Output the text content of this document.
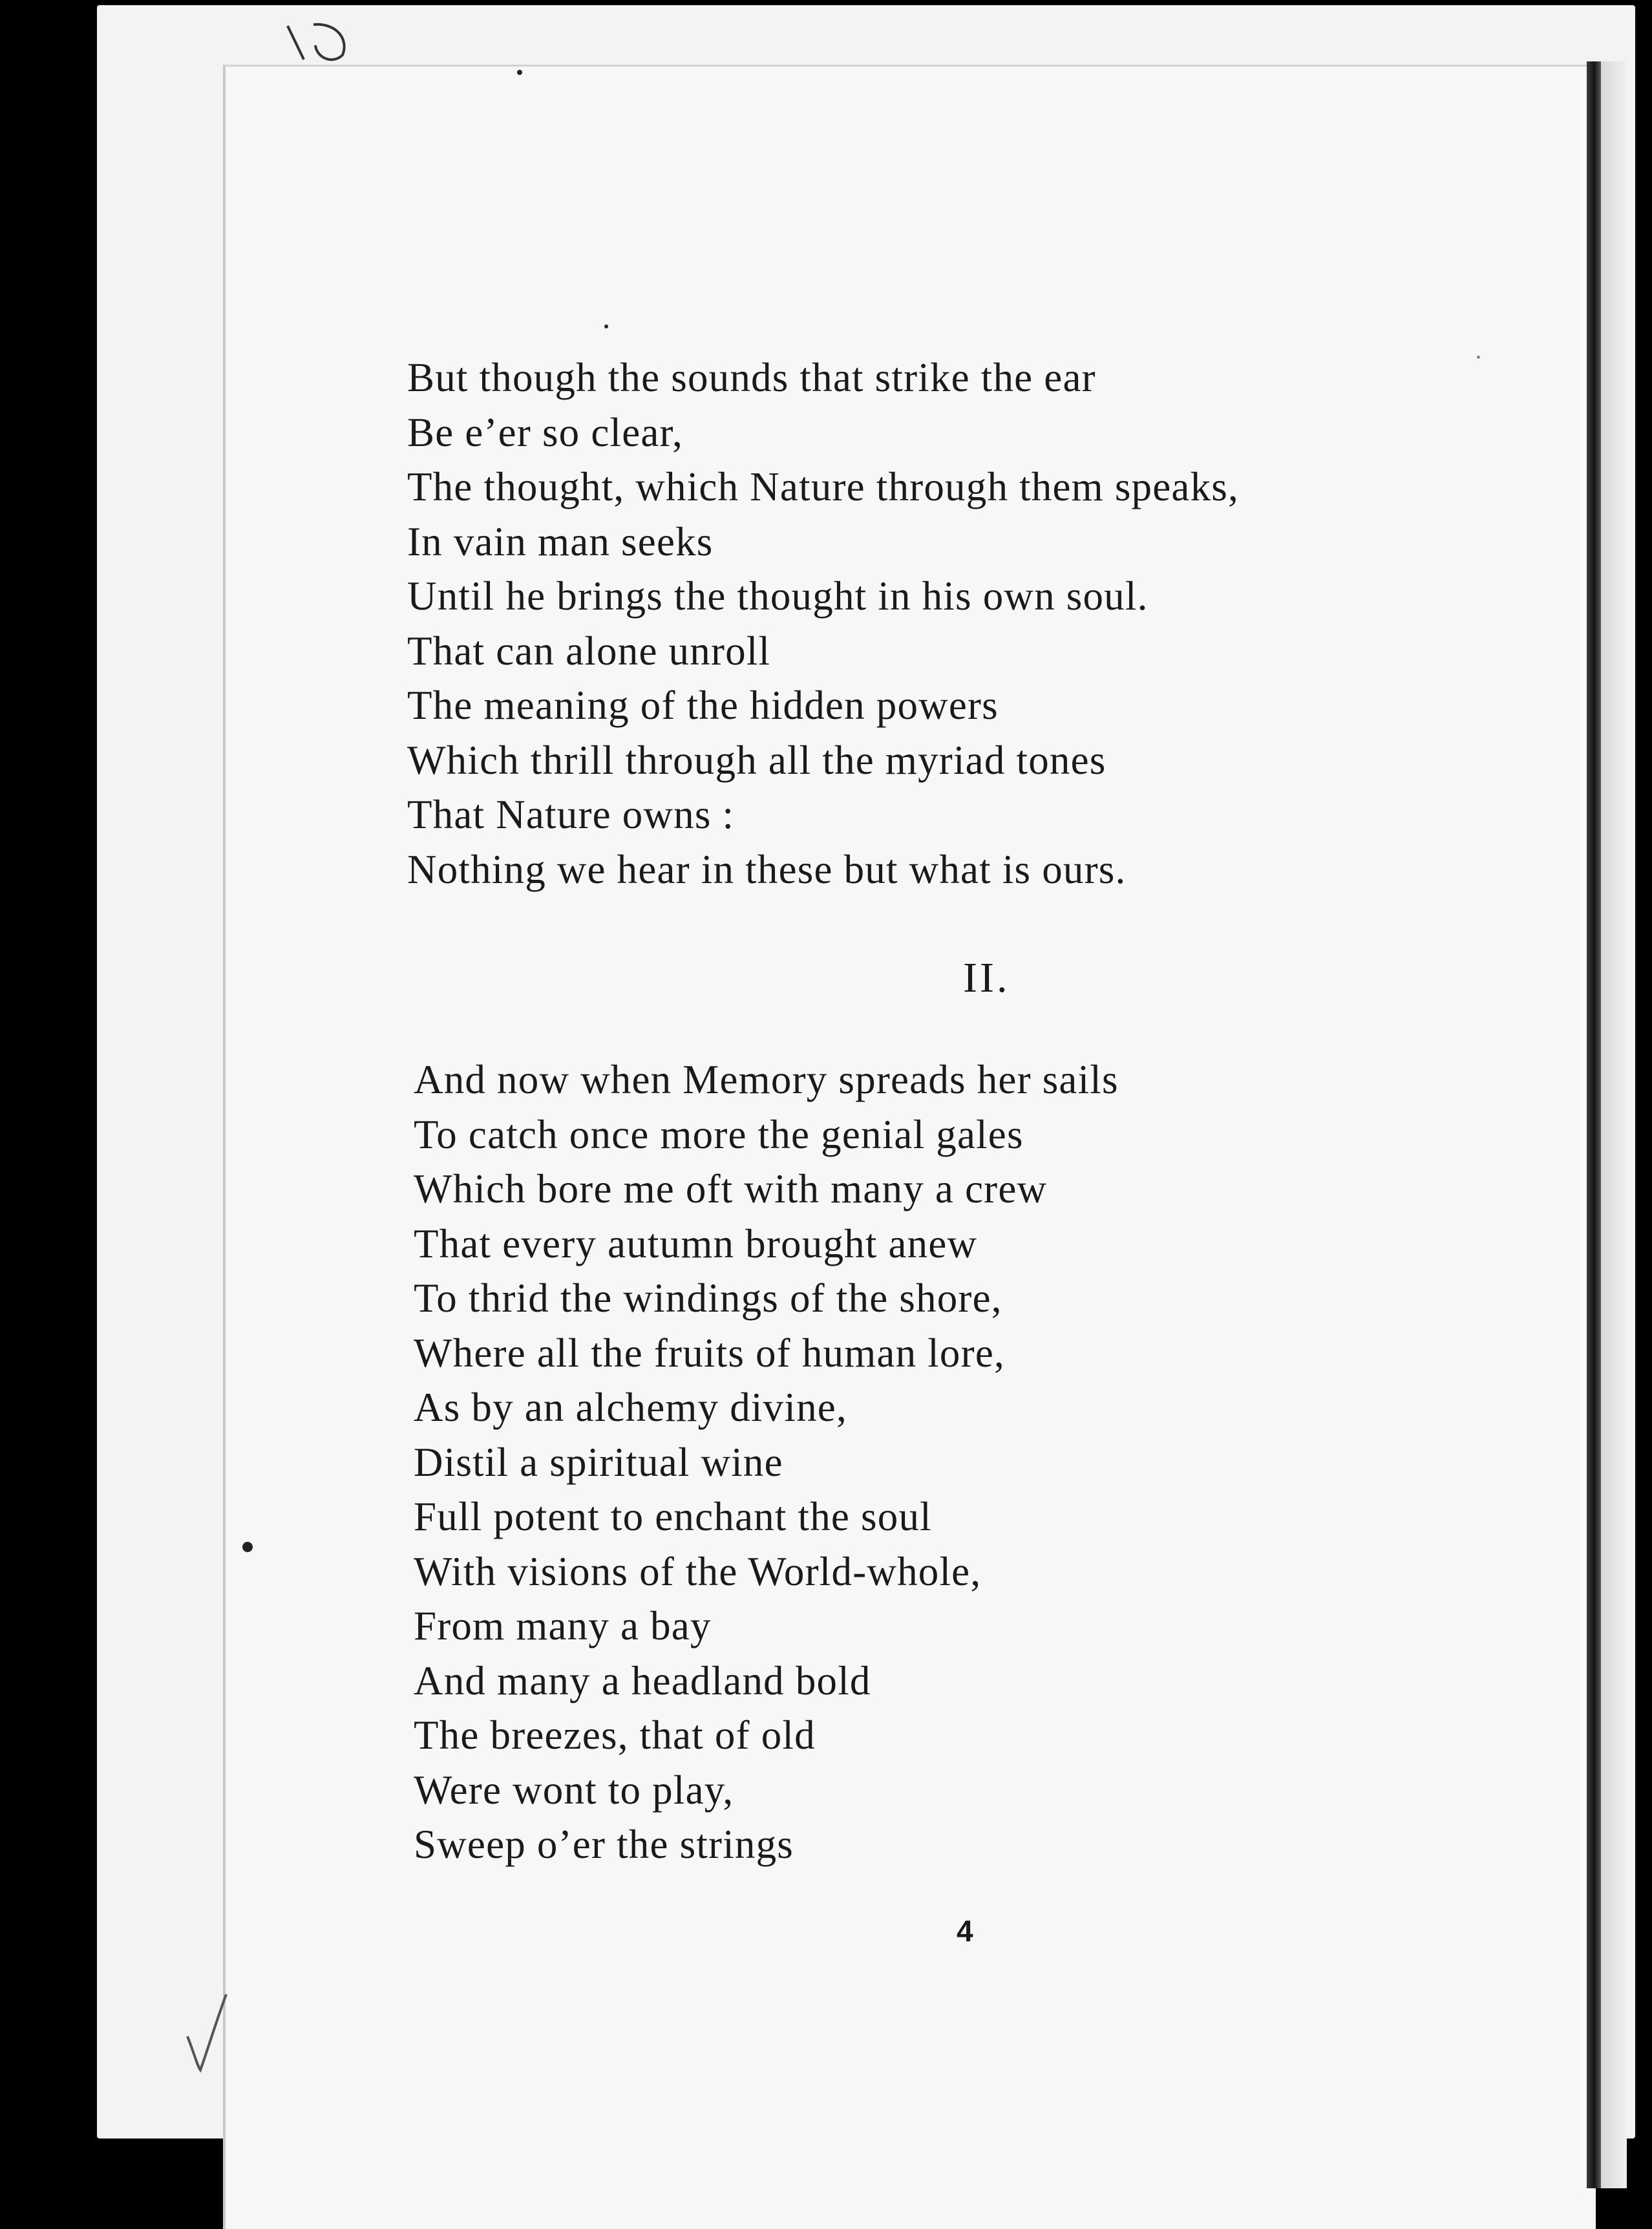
But though the sounds that strike the ear
Be e’er so clear,
The thought, which Nature through them speaks,
In vain man seeks
Until he brings the thought in his own soul.
That can alone unroll
The meaning of the hidden powers
Which thrill through all the myriad tones
That Nature owns :
Nothing we hear in these but what is ours.
II.
And now when Memory spreads her sails
To catch once more the genial gales
Which bore me oft with many a crew
That every autumn brought anew
To thrid the windings of the shore,
Where all the fruits of human lore,
As by an alchemy divine,
Distil a spiritual wine
Full potent to enchant the soul
With visions of the World-whole,
From many a bay
And many a headland bold
The breezes, that of old
Were wont to play,
Sweep o’er the strings
4
